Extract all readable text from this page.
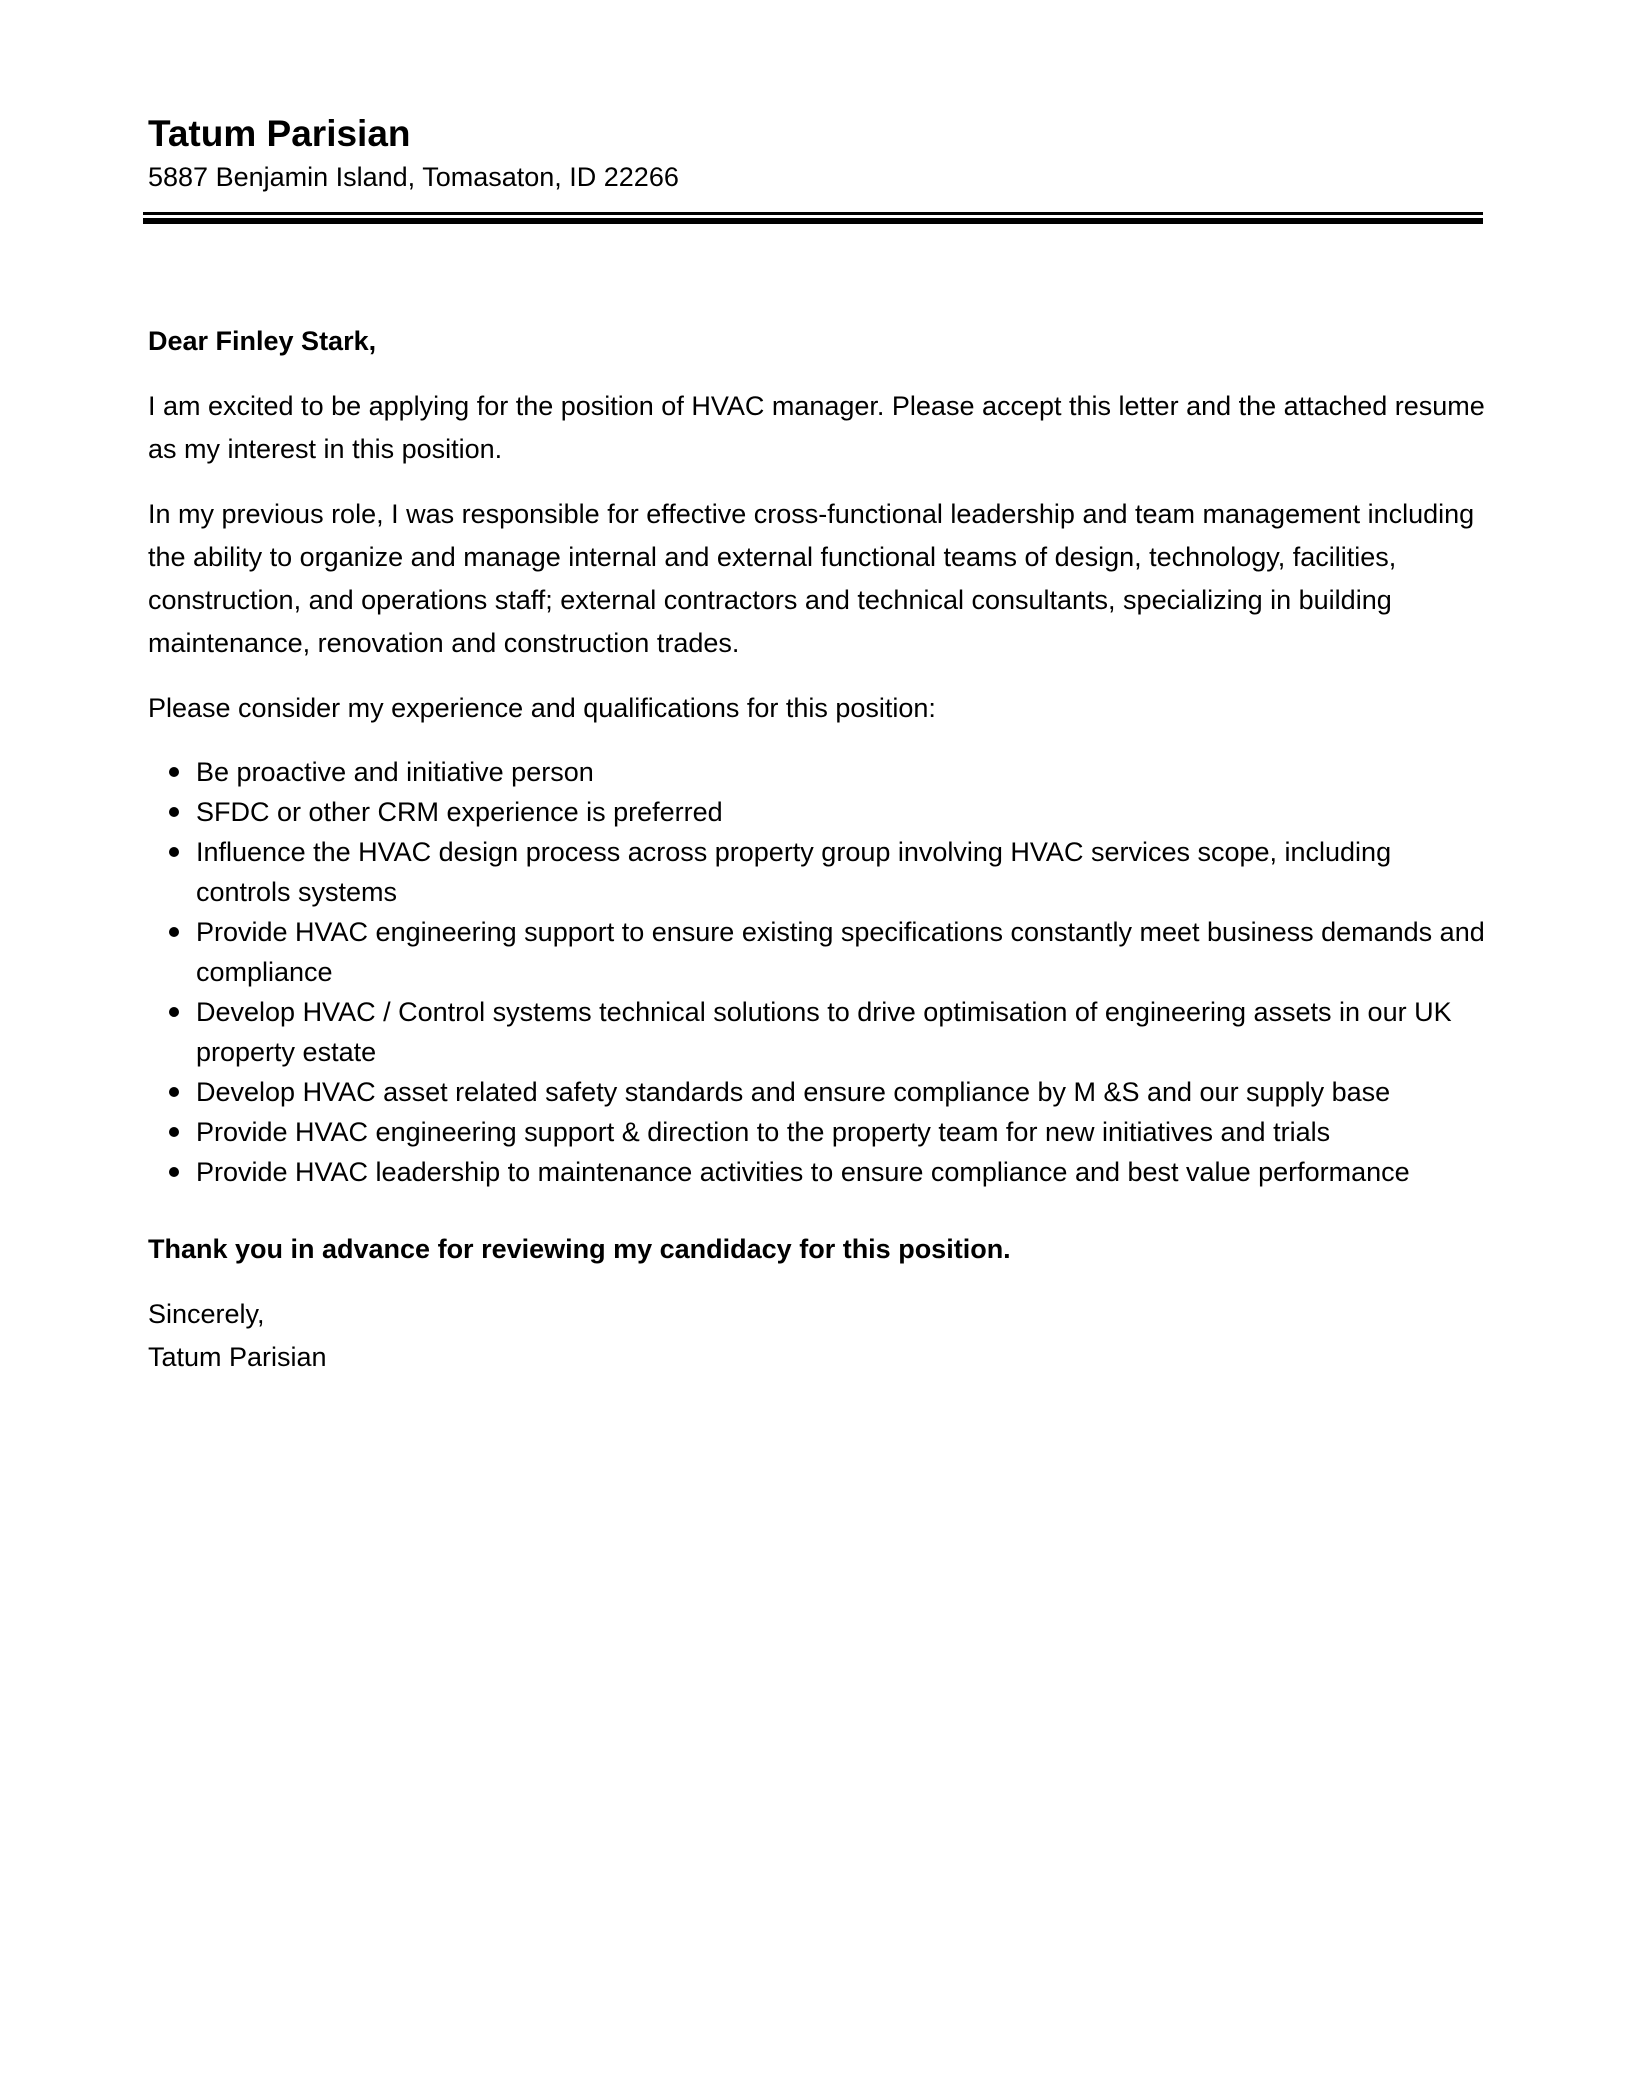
Tatum Parisian
5887 Benjamin Island, Tomasaton, ID 22266

Dear Finley Stark,

I am excited to be applying for the position of HVAC manager. Please accept this letter and the attached resume as my interest in this position.

In my previous role, I was responsible for effective cross-functional leadership and team management including the ability to organize and manage internal and external functional teams of design, technology, facilities, construction, and operations staff; external contractors and technical consultants, specializing in building maintenance, renovation and construction trades.

Please consider my experience and qualifications for this position:

Be proactive and initiative person
SFDC or other CRM experience is preferred
Influence the HVAC design process across property group involving HVAC services scope, including controls systems
Provide HVAC engineering support to ensure existing specifications constantly meet business demands and compliance
Develop HVAC / Control systems technical solutions to drive optimisation of engineering assets in our UK property estate
Develop HVAC asset related safety standards and ensure compliance by M &S and our supply base
Provide HVAC engineering support & direction to the property team for new initiatives and trials
Provide HVAC leadership to maintenance activities to ensure compliance and best value performance

Thank you in advance for reviewing my candidacy for this position.

Sincerely,

Tatum Parisian
